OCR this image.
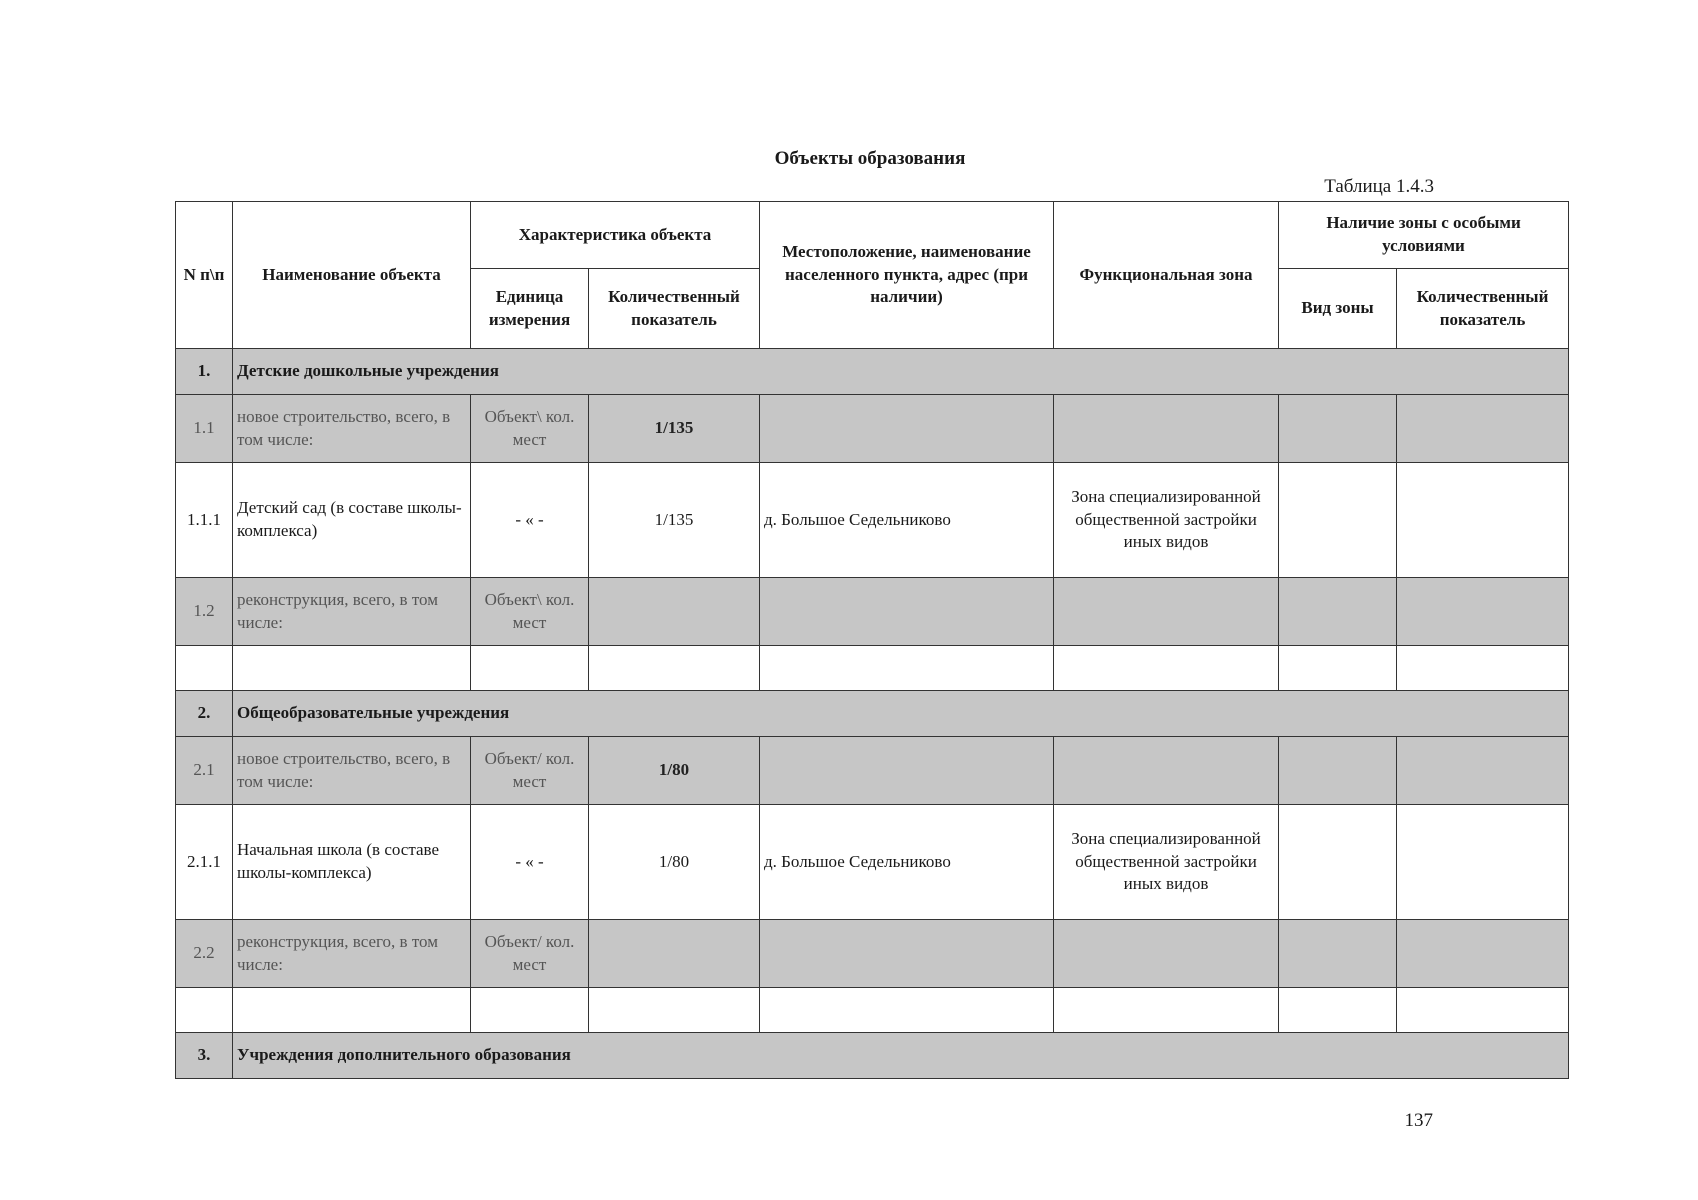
Объекты образования
Таблица 1.4.3
N п\п	Наименование объекта	Характеристика объекта		Местоположение, наименование населенного пункта, адрес (при наличии)	Функциональная зона	Наличие зоны с особыми условиями	
		Единица измерения	Количественный показатель			Вид зоны	Количественный показатель
1.	Детские дошкольные учреждения						
1.1	новое строительство, всего, в том числе:	Объект\ кол. мест	1/135				
1.1.1	Детский сад (в составе школы-комплекса)	- « -	1/135	д. Большое Седельниково	Зона специализированной общественной застройки иных видов		
1.2	реконструкция, всего, в том числе:	Объект\ кол. мест					

2.	Общеобразовательные учреждения						
2.1	новое строительство, всего, в том числе:	Объект/ кол. мест	1/80				
2.1.1	Начальная школа (в составе школы-комплекса)	- « -	1/80	д. Большое Седельниково	Зона специализированной общественной застройки иных видов		
2.2	реконструкция, всего, в том числе:	Объект/ кол. мест					

3.	Учреждения дополнительного образования						
137
